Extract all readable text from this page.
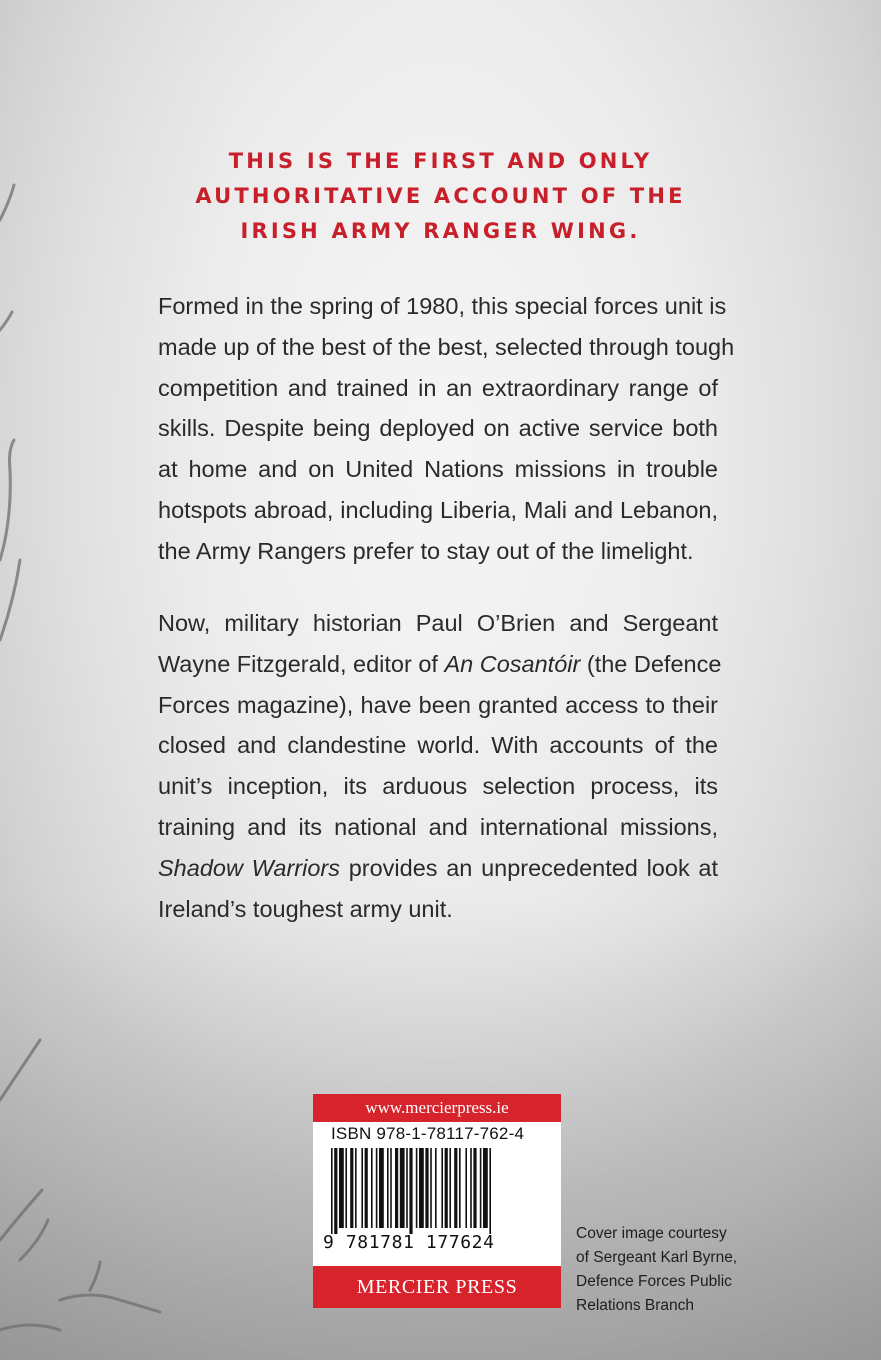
THIS IS THE FIRST AND ONLY
AUTHORITATIVE ACCOUNT OF THE
IRISH ARMY RANGER WING.

Formed in the spring of 1980, this special forces unit is
made up of the best of the best, selected through tough
competition and trained in an extraordinary range of
skills. Despite being deployed on active service both
at home and on United Nations missions in trouble
hotspots abroad, including Liberia, Mali and Lebanon,
the Army Rangers prefer to stay out of the limelight.

Now, military historian Paul O’Brien and Sergeant
Wayne Fitzgerald, editor of An Cosantóir (the Defence
Forces magazine), have been granted access to their
closed and clandestine world. With accounts of the
unit’s inception, its arduous selection process, its
training and its national and international missions,
Shadow Warriors provides an unprecedented look at
Ireland’s toughest army unit.

www.mercierpress.ie
ISBN 978-1-78117-762-4
9 781781 177624
MERCIER PRESS
Cover image courtesy
of Sergeant Karl Byrne,
Defence Forces Public
Relations Branch
